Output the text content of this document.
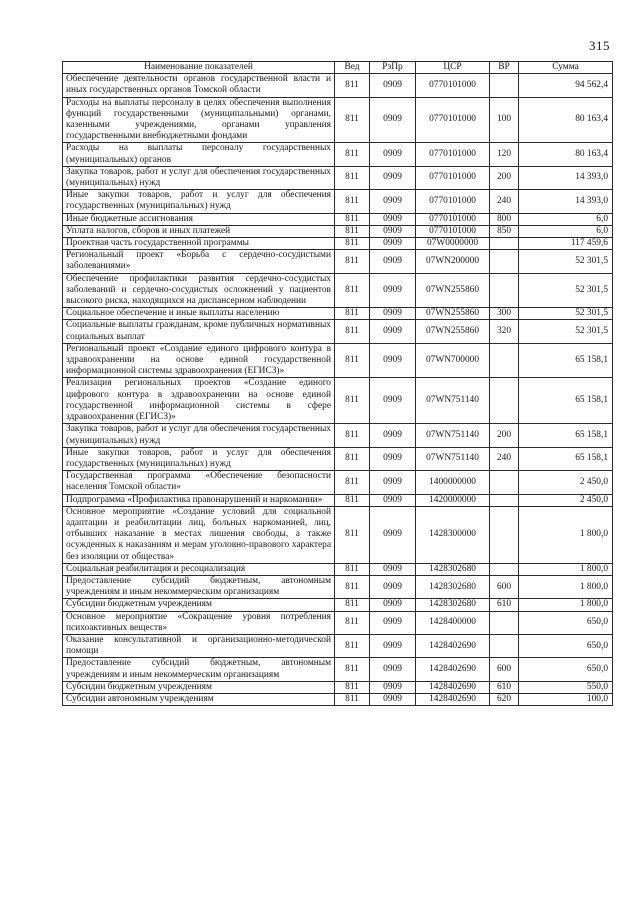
315
Наименование показателей	Вед	РзПр	ЦСР	ВР	Сумма
Обеспечение деятельности органов государственной власти и иных государственных органов Томской области	811	0909	0770101000		94 562,4
Расходы на выплаты персоналу в целях обеспечения выполнения функций государственными (муниципальными) органами, казенными учреждениями, органами управления государственными внебюджетными фондами	811	0909	0770101000	100	80 163,4
Расходы на выплаты персоналу государственных (муниципальных) органов	811	0909	0770101000	120	80 163,4
Закупка товаров, работ и услуг для обеспечения государственных (муниципальных) нужд	811	0909	0770101000	200	14 393,0
Иные закупки товаров, работ и услуг для обеспечения государственных (муниципальных) нужд	811	0909	0770101000	240	14 393,0
Иные бюджетные ассигнования	811	0909	0770101000	800	6,0
Уплата налогов, сборов и иных платежей	811	0909	0770101000	850	6,0
Проектная часть государственной программы	811	0909	07W0000000		117 459,6
Региональный проект «Борьба с сердечно-сосудистыми заболеваниями»	811	0909	07WN200000		52 301,5
Обеспечение профилактики развития сердечно-сосудистых заболеваний и сердечно-сосудистых осложнений у пациентов высокого риска, находящихся на диспансерном наблюдении	811	0909	07WN255860		52 301,5
Социальное обеспечение и иные выплаты населению	811	0909	07WN255860	300	52 301,5
Социальные выплаты гражданам, кроме публичных нормативных социальных выплат	811	0909	07WN255860	320	52 301,5
Региональный проект «Создание единого цифрового контура в здравоохранении на основе единой государственной информационной системы здравоохранения (ЕГИСЗ)»	811	0909	07WN700000		65 158,1
Реализация региональных проектов «Создание единого цифрового контура в здравоохранении на основе единой государственной информационной системы в сфере здравоохранения (ЕГИСЗ)»	811	0909	07WN751140		65 158,1
Закупка товаров, работ и услуг для обеспечения государственных (муниципальных) нужд	811	0909	07WN751140	200	65 158,1
Иные закупки товаров, работ и услуг для обеспечения государственных (муниципальных) нужд	811	0909	07WN751140	240	65 158,1
Государственная программа «Обеспечение безопасности населения Томской области»	811	0909	1400000000		2 450,0
Подпрограмма «Профилактика правонарушений и наркомании»	811	0909	1420000000		2 450,0
Основное мероприятие «Создание условий для социальной адаптации и реабилитации лиц, больных наркоманией, лиц, отбывших наказание в местах лишения свободы, а также осужденных к наказаниям и мерам уголовно-правового характера без изоляции от общества»	811	0909	1428300000		1 800,0
Социальная реабилитация и ресоциализация	811	0909	1428302680		1 800,0
Предоставление субсидий бюджетным, автономным учреждениям и иным некоммерческим организациям	811	0909	1428302680	600	1 800,0
Субсидии бюджетным учреждениям	811	0909	1428302680	610	1 800,0
Основное мероприятие «Сокращение уровня потребления психоактивных веществ»	811	0909	1428400000		650,0
Оказание консультативной и организационно-методической помощи	811	0909	1428402690		650,0
Предоставление субсидий бюджетным, автономным учреждениям и иным некоммерческим организациям	811	0909	1428402690	600	650,0
Субсидии бюджетным учреждениям	811	0909	1428402690	610	550,0
Субсидии автономным учреждениям	811	0909	1428402690	620	100,0
